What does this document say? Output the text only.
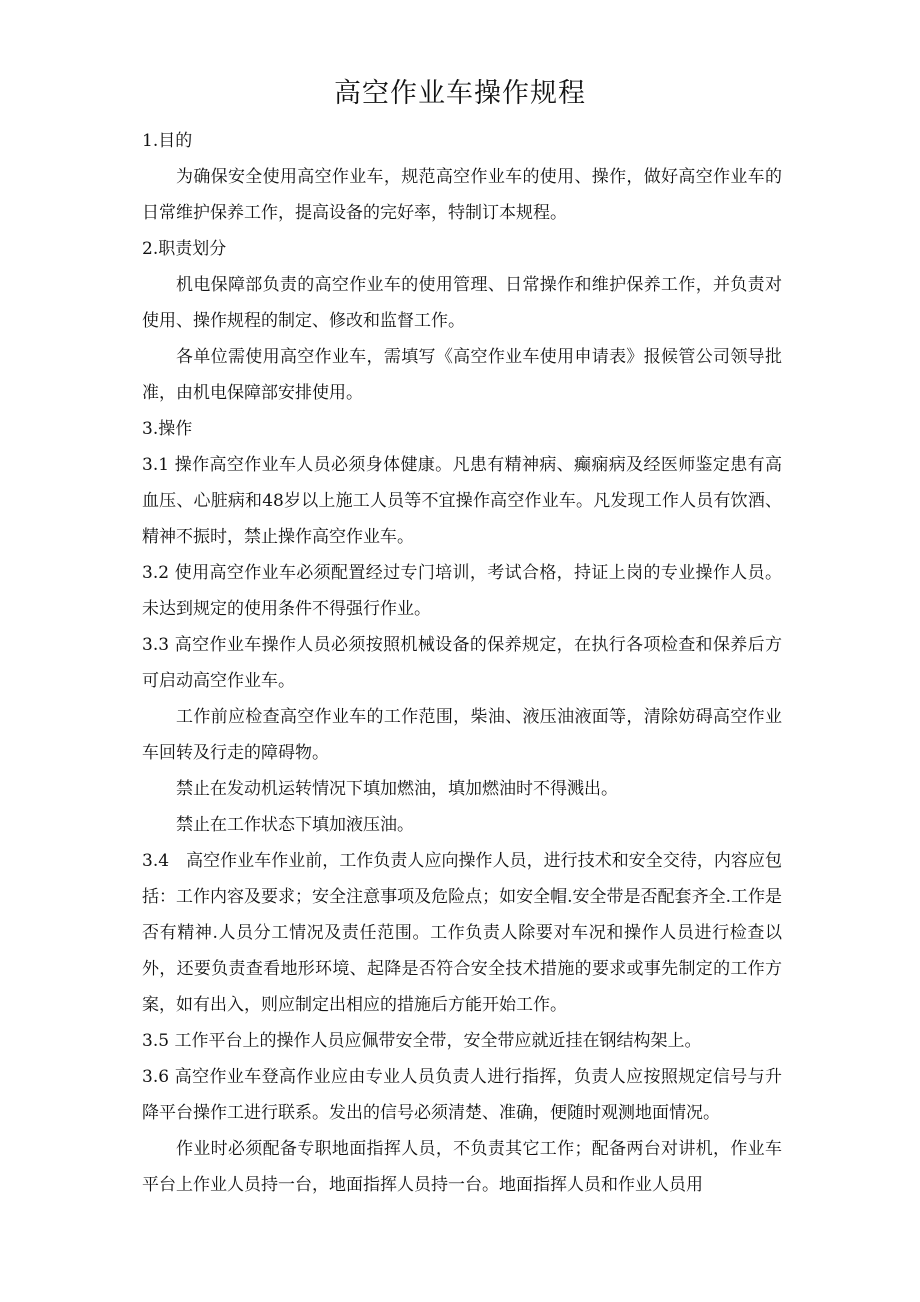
高空作业车操作规程

1.目的

为确保安全使用高空作业车，规范高空作业车的使用、操作，做好高空作业车的日常维护保养工作，提高设备的完好率，特制订本规程。

2.职责划分

机电保障部负责的高空作业车的使用管理、日常操作和维护保养工作，并负责对使用、操作规程的制定、修改和监督工作。

各单位需使用高空作业车，需填写《高空作业车使用申请表》报候管公司领导批准，由机电保障部安排使用。

3.操作

3.1 操作高空作业车人员必须身体健康。凡患有精神病、癫痫病及经医师鉴定患有高血压、心脏病和48岁以上施工人员等不宜操作高空作业车。凡发现工作人员有饮酒、精神不振时，禁止操作高空作业车。

3.2 使用高空作业车必须配置经过专门培训，考试合格，持证上岗的专业操作人员。未达到规定的使用条件不得强行作业。

3.3 高空作业车操作人员必须按照机械设备的保养规定，在执行各项检查和保养后方可启动高空作业车。

工作前应检查高空作业车的工作范围，柴油、液压油液面等，清除妨碍高空作业车回转及行走的障碍物。

禁止在发动机运转情况下填加燃油，填加燃油时不得溅出。

禁止在工作状态下填加液压油。

3.4　高空作业车作业前，工作负责人应向操作人员，进行技术和安全交待，内容应包括：工作内容及要求；安全注意事项及危险点；如安全帽.安全带是否配套齐全.工作是否有精神.人员分工情况及责任范围。工作负责人除要对车况和操作人员进行检查以外，还要负责查看地形环境、起降是否符合安全技术措施的要求或事先制定的工作方案，如有出入，则应制定出相应的措施后方能开始工作。

3.5 工作平台上的操作人员应佩带安全带，安全带应就近挂在钢结构架上。

3.6 高空作业车登高作业应由专业人员负责人进行指挥，负责人应按照规定信号与升降平台操作工进行联系。发出的信号必须清楚、准确，便随时观测地面情况。

作业时必须配备专职地面指挥人员，不负责其它工作；配备两台对讲机，作业车平台上作业人员持一台，地面指挥人员持一台。地面指挥人员和作业人员用
